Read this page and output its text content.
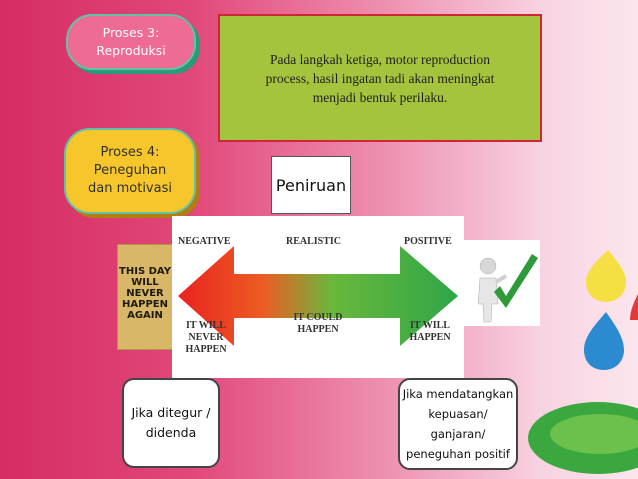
Proses 3:
Reproduksi
Pada langkah ketiga, motor reproduction process, hasil ingatan tadi akan meningkat menjadi bentuk perilaku.
Proses 4:
Peneguhan
dan motivasi	Peniruan
THIS DAY
WILL
NEVER
HAPPEN
AGAIN

NEGATIVE	REALISTIC	POSITIVE
IT COULD HAPPEN
IT WILL NEVER HAPPEN
IT WILL HAPPEN
Jika ditegur /
didenda
Jika mendatangkan
kepuasan/ ganjaran/
peneguhan positif
